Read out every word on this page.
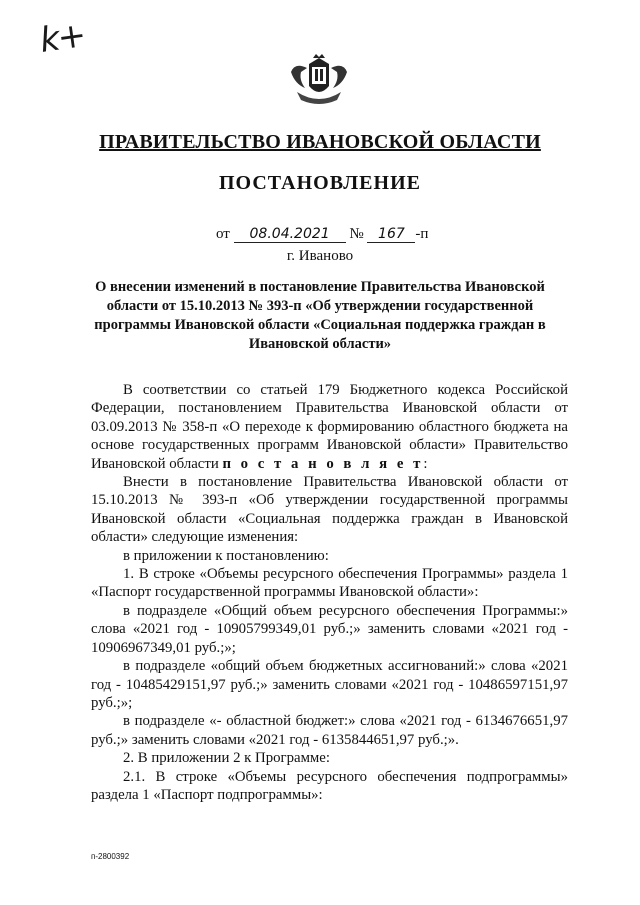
k+
ПРАВИТЕЛЬСТВО ИВАНОВСКОЙ ОБЛАСТИ
ПОСТАНОВЛЕНИЕ
от 08.04.2021 № 167 -п
г. Иваново
О внесении изменений в постановление Правительства Ивановской области от 15.10.2013 № 393-п «Об утверждении государственной программы Ивановской области «Социальная поддержка граждан в Ивановской области»

В соответствии со статьей 179 Бюджетного кодекса Российской Федерации, постановлением Правительства Ивановской области от 03.09.2013 № 358-п «О переходе к формированию областного бюджета на основе государственных программ Ивановской области» Правительство Ивановской области п о с т а н о в л я е т:

Внести в постановление Правительства Ивановской области от 15.10.2013 № 393-п «Об утверждении государственной программы Ивановской области «Социальная поддержка граждан в Ивановской области» следующие изменения:

в приложении к постановлению:

1. В строке «Объемы ресурсного обеспечения Программы» раздела 1 «Паспорт государственной программы Ивановской области»:

в подразделе «Общий объем ресурсного обеспечения Программы:» слова «2021 год - 10905799349,01 руб.;» заменить словами «2021 год - 10906967349,01 руб.;»;

в подразделе «общий объем бюджетных ассигнований:» слова «2021 год - 10485429151,97 руб.;» заменить словами «2021 год - 10486597151,97 руб.;»;

в подразделе «- областной бюджет:» слова «2021 год - 6134676651,97 руб.;» заменить словами «2021 год - 6135844651,97 руб.;».

2. В приложении 2 к Программе:

2.1. В строке «Объемы ресурсного обеспечения подпрограммы» раздела 1 «Паспорт подпрограммы»:

п-2800392
